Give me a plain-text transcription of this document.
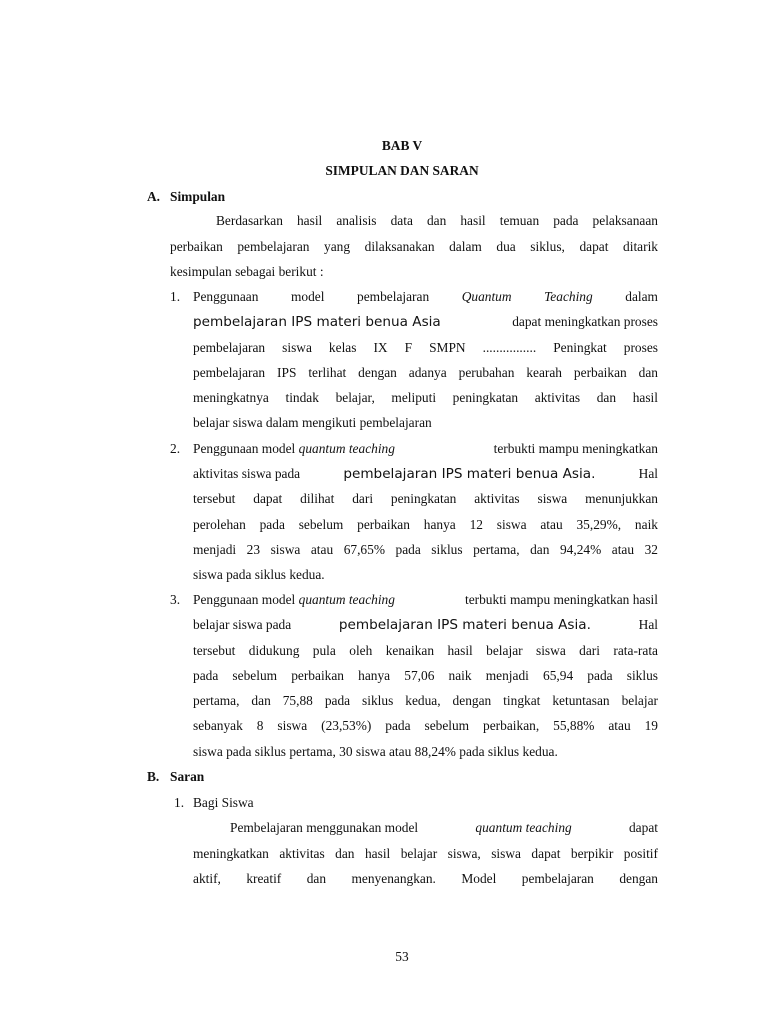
BAB V
SIMPULAN DAN SARAN
A. Simpulan
Berdasarkan hasil analisis data dan hasil temuan pada pelaksanaan
perbaikan pembelajaran yang dilaksanakan dalam dua siklus, dapat ditarik
kesimpulan sebagai berikut :
1. Penggunaan model pembelajaran Quantum Teaching dalam
pembelajaran IPS materi benua Asia	dapat meningkatkan proses
pembelajaran siswa kelas IX F SMPN ................ Peningkat proses
pembelajaran IPS terlihat dengan adanya perubahan kearah perbaikan dan
meningkatnya tindak belajar, meliputi peningkatan aktivitas dan hasil
belajar siswa dalam mengikuti pembelajaran
2. Penggunaan model quantum teaching	terbukti mampu meningkatkan
aktivitas siswa pada	pembelajaran IPS materi benua Asia.	Hal
tersebut dapat dilihat dari peningkatan aktivitas siswa menunjukkan
perolehan pada sebelum perbaikan hanya 12 siswa atau 35,29%, naik
menjadi 23 siswa atau 67,65% pada siklus pertama, dan 94,24% atau 32
siswa pada siklus kedua.
3. Penggunaan model quantum teaching	terbukti mampu meningkatkan hasil
belajar siswa pada	pembelajaran IPS materi benua Asia.	Hal
tersebut didukung pula oleh kenaikan hasil belajar siswa dari rata-rata
pada sebelum perbaikan hanya 57,06 naik menjadi 65,94 pada siklus
pertama, dan 75,88 pada siklus kedua, dengan tingkat ketuntasan belajar
sebanyak 8 siswa (23,53%) pada sebelum perbaikan, 55,88% atau 19
siswa pada siklus pertama, 30 siswa atau 88,24% pada siklus kedua.
B. Saran
1. Bagi Siswa
Pembelajaran menggunakan model	quantum teaching	dapat
meningkatkan aktivitas dan hasil belajar siswa, siswa dapat berpikir positif
aktif, kreatif dan menyenangkan. Model pembelajaran dengan
53
